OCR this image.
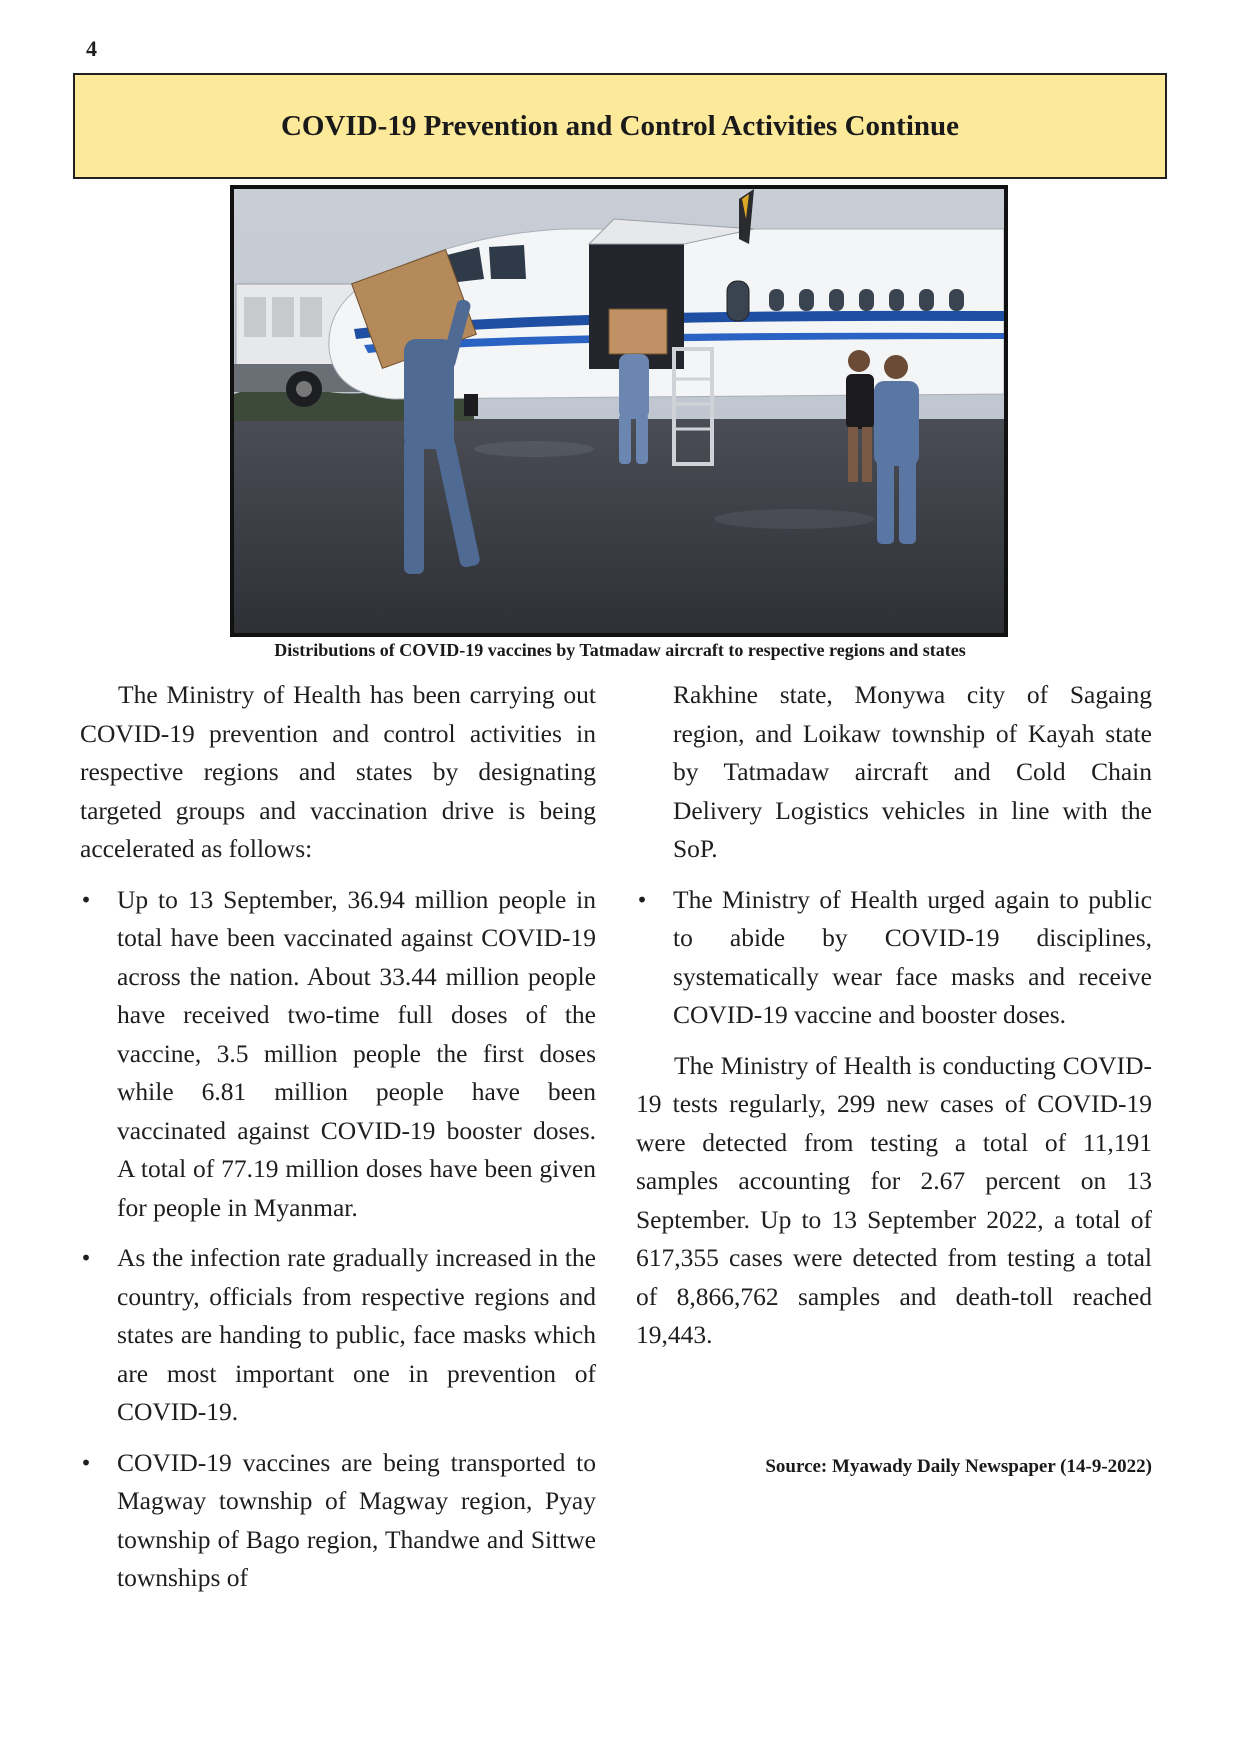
4
COVID-19 Prevention and Control Activities Continue
Distributions of COVID-19 vaccines by Tatmadaw aircraft to respective regions and states

The Ministry of Health has been carrying out COVID-19 prevention and control activities in respective regions and states by designating targeted groups and vaccination drive is being accelerated as follows:

• Up to 13 September, 36.94 million people in total have been vaccinated against COVID-19 across the nation. About 33.44 million people have received two-time full doses of the vaccine, 3.5 million people the first doses while 6.81 million people have been vaccinated against COVID-19 booster doses. A total of 77.19 million doses have been given for people in Myanmar.
• As the infection rate gradually increased in the country, officials from respective regions and states are handing to public, face masks which are most important one in prevention of COVID-19.
• COVID-19 vaccines are being transported to Magway township of Magway region, Pyay township of Bago region, Thandwe and Sittwe townships of

Rakhine state, Monywa city of Sagaing region, and Loikaw township of Kayah state by Tatmadaw aircraft and Cold Chain Delivery Logistics vehicles in line with the SoP.

• The Ministry of Health urged again to public to abide by COVID-19 disciplines, systematically wear face masks and receive COVID-19 vaccine and booster doses.

The Ministry of Health is conducting COVID-19 tests regularly, 299 new cases of COVID-19 were detected from testing a total of 11,191 samples accounting for 2.67 percent on 13 September. Up to 13 September 2022, a total of 617,355 cases were detected from testing a total of 8,866,762 samples and death-toll reached 19,443.

Source: Myawady Daily Newspaper (14-9-2022)
